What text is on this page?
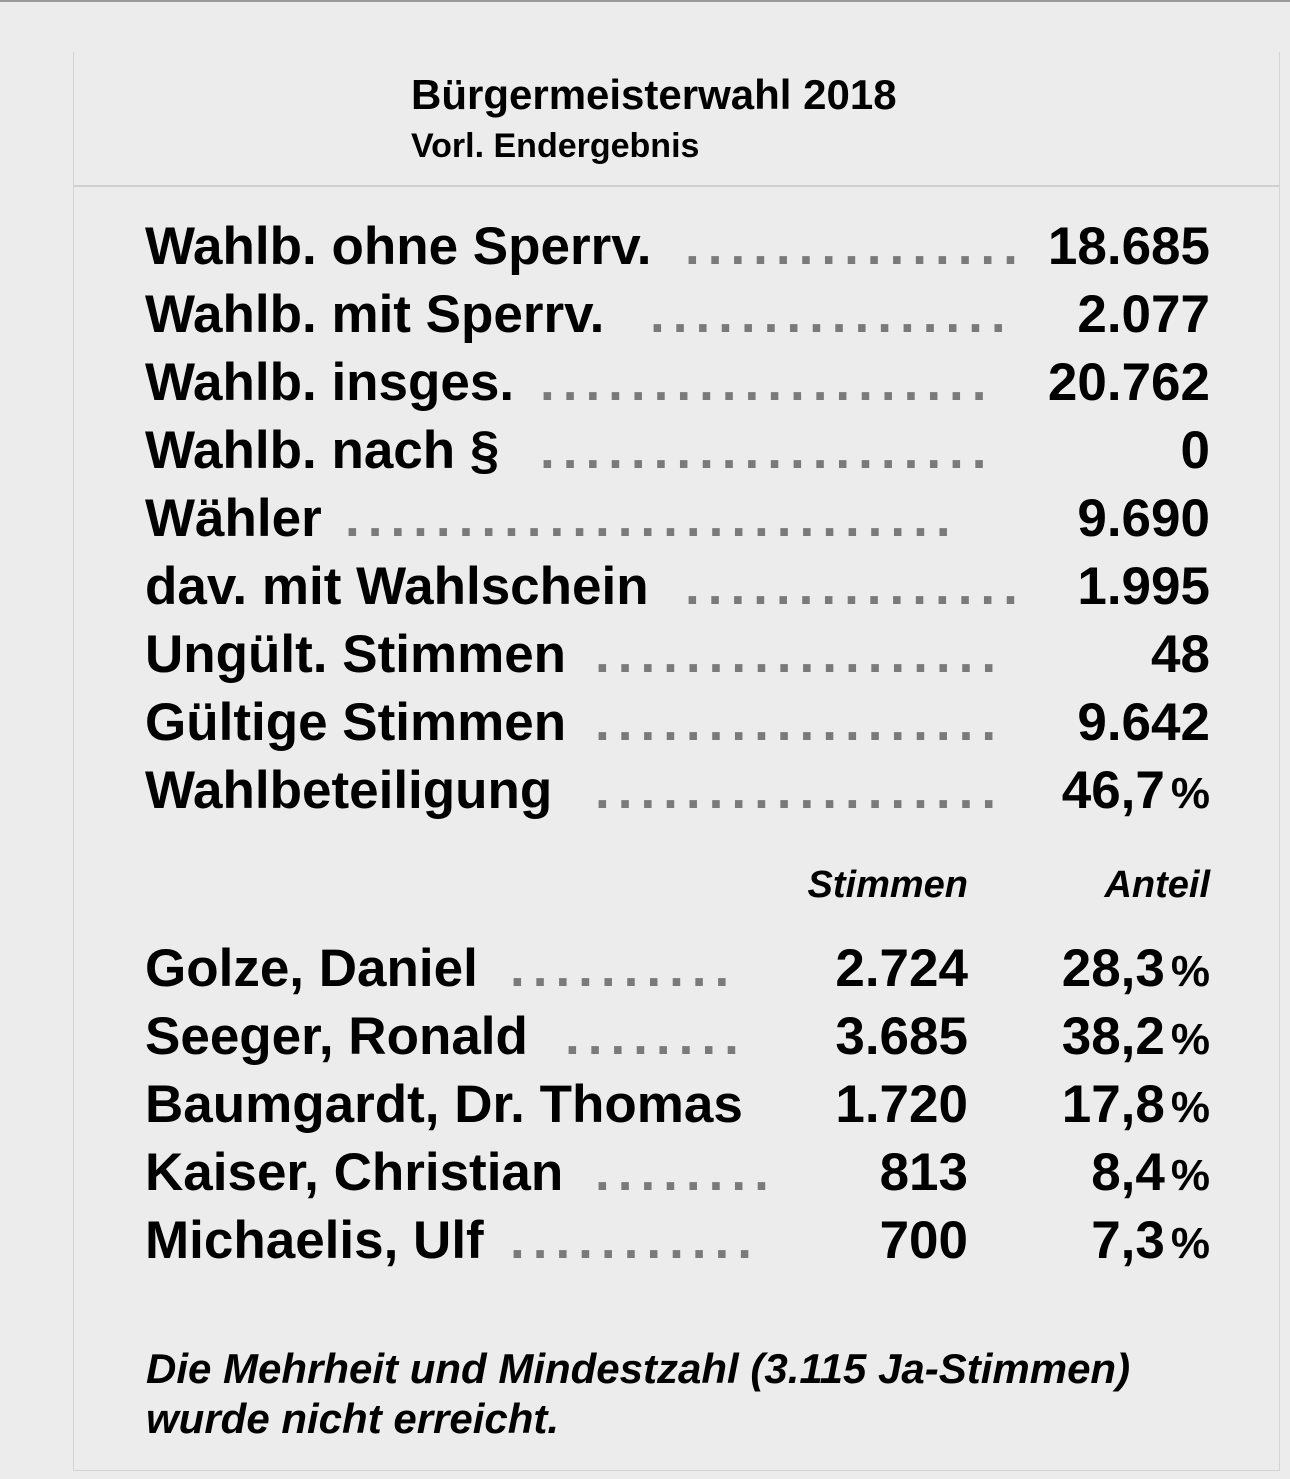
Bürgermeisterwahl 2018
Vorl. Endergebnis
Wahlb. ohne Sperrv. ............... 18.685
Wahlb. mit Sperrv. ................	2.077
Wahlb. insges. ....................	20.762
Wahlb. nach § ....................	0
Wähler ...........................	9.690
dav. mit Wahlschein ............... 1.995
Ungült. Stimmen ..................	48
Gültige Stimmen ..................	9.642
Wahlbeteiligung ..................	46,7 %
Stimmen	Anteil
Golze, Daniel ..........	2.724 28,3 %
Seeger, Ronald ........	3.685 38,2 %
Baumgardt, Dr. Thomas 1.720 17,8 %
Kaiser, Christian ........	813 8,4 %
Michaelis, Ulf ...........	700 7,3 %
Die Mehrheit und Mindestzahl (3.115 Ja-Stimmen)
wurde nicht erreicht.
